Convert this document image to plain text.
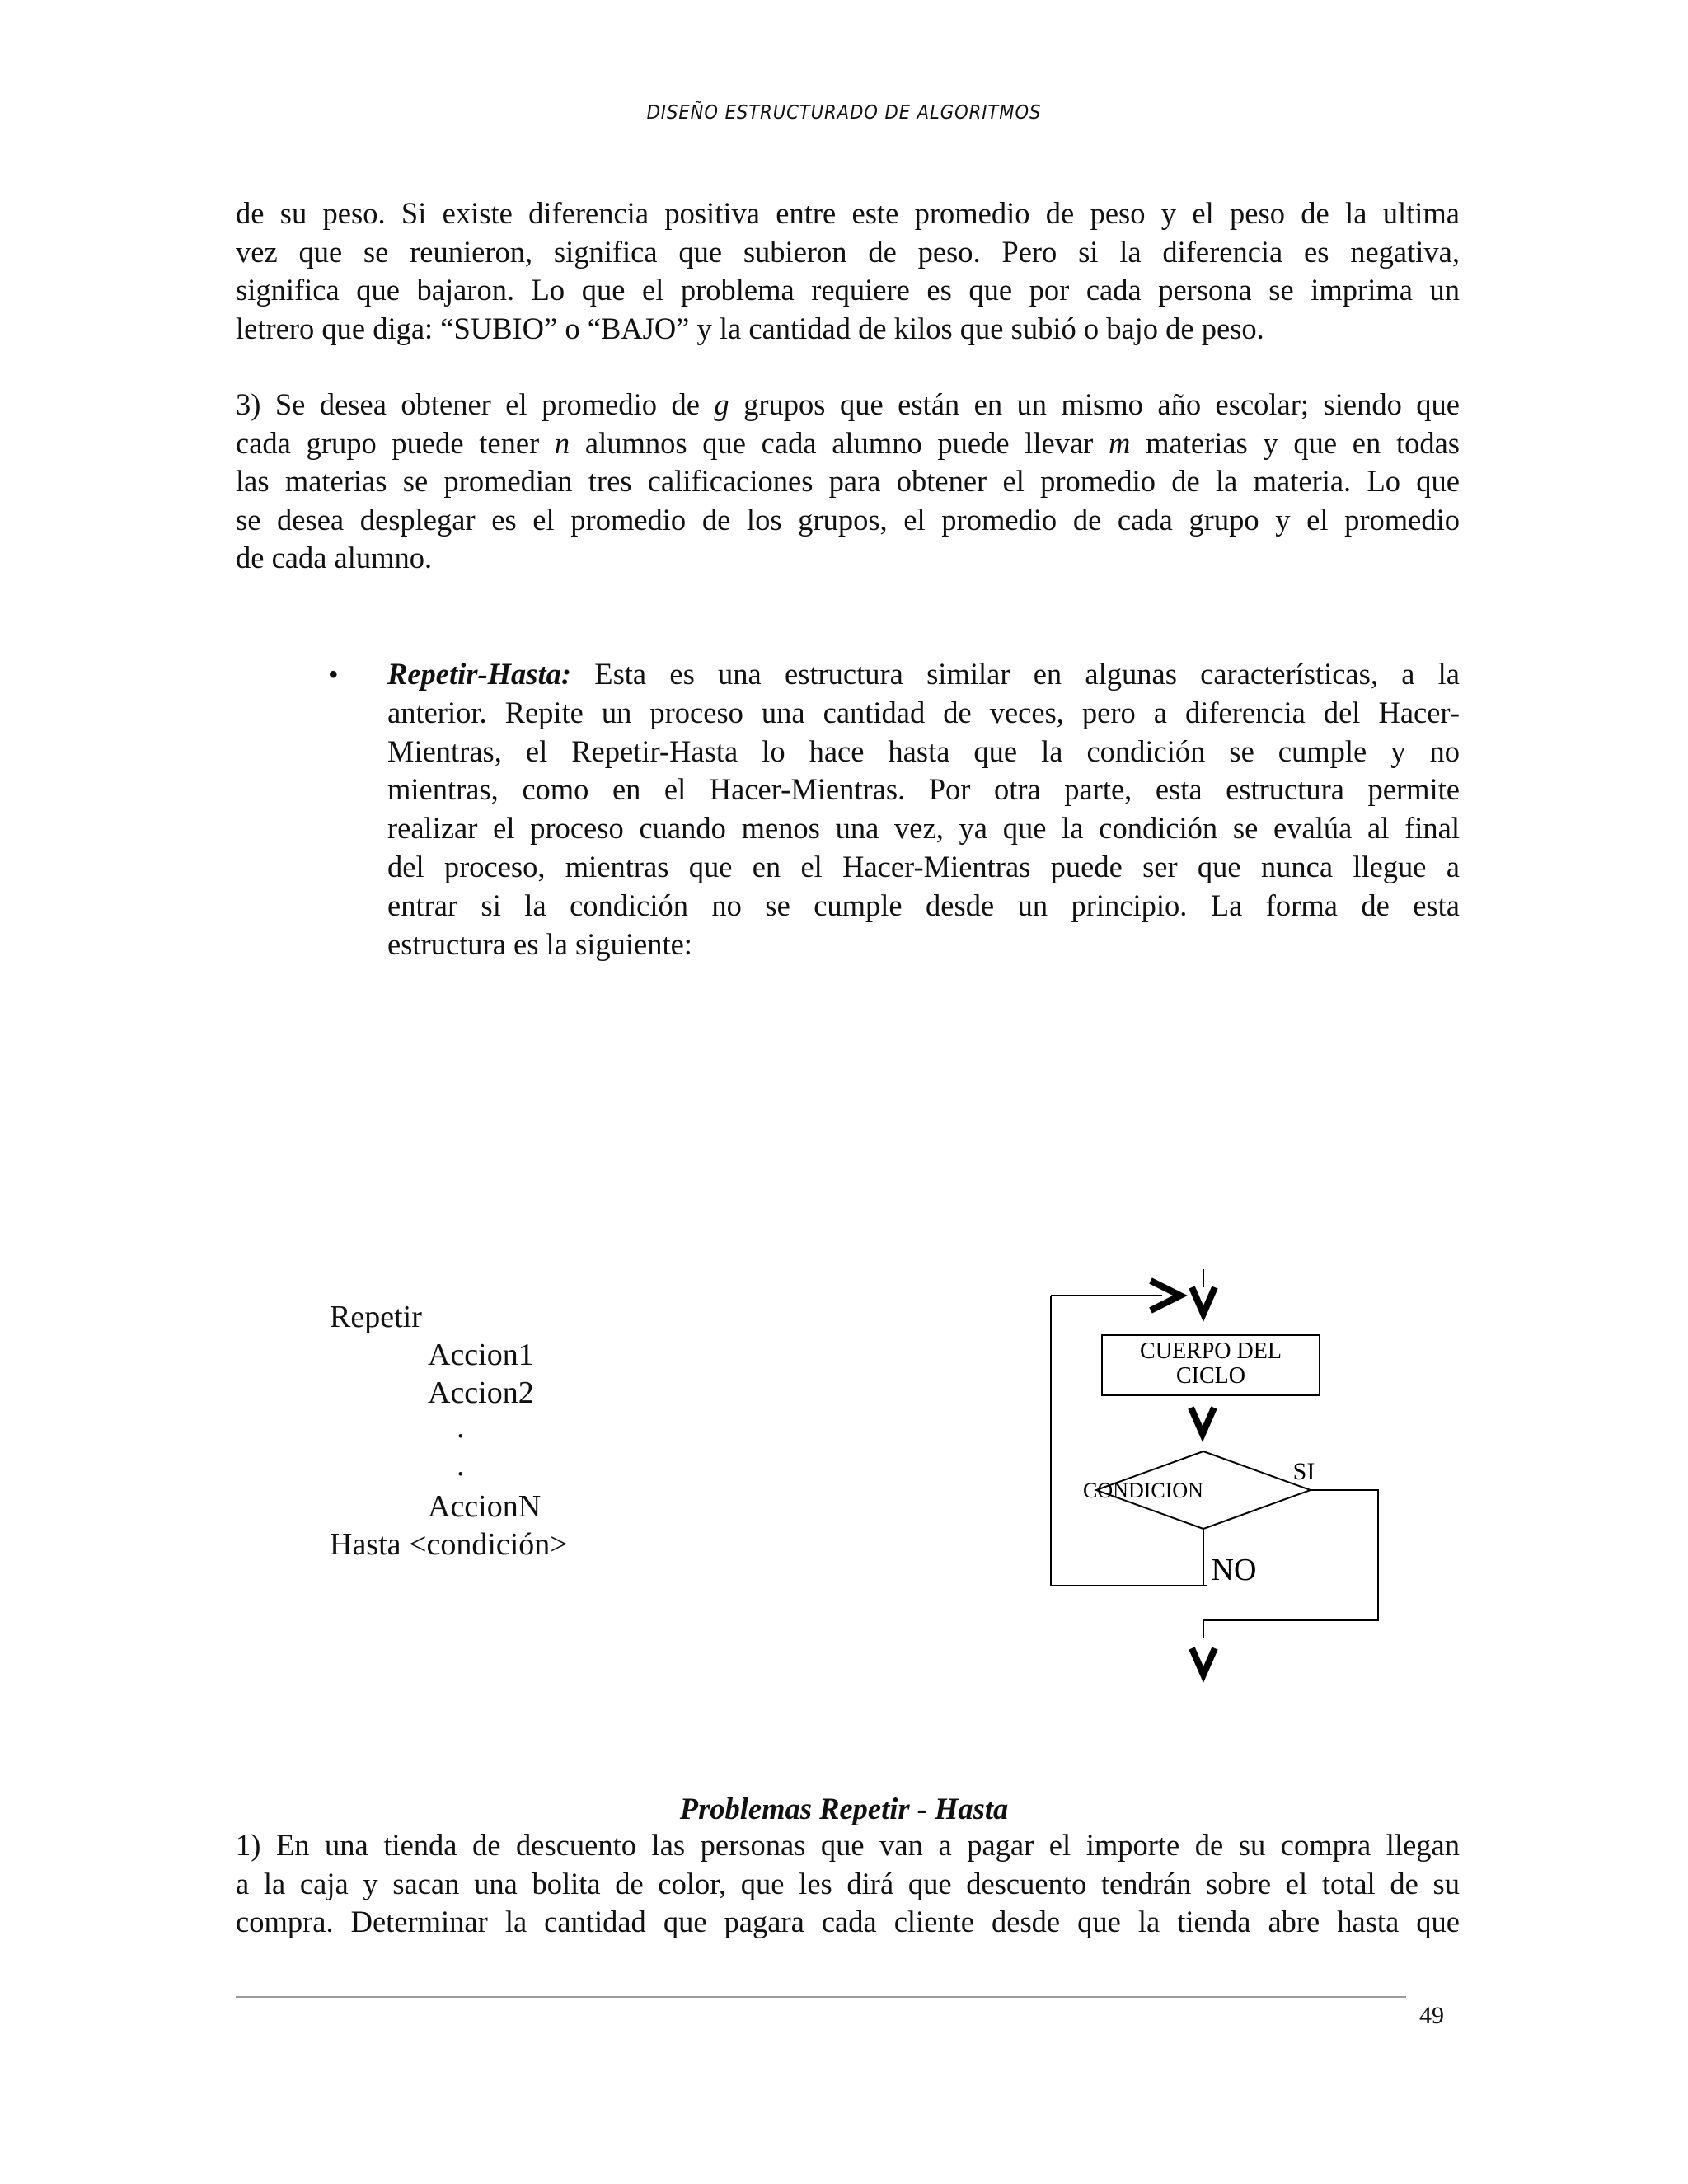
DISEÑO ESTRUCTURADO DE ALGORITMOS
de su peso. Si existe diferencia positiva entre este promedio de peso y el peso de la ultima
vez que se reunieron, significa que subieron de peso. Pero si la diferencia es negativa,
significa que bajaron. Lo que el problema requiere es que por cada persona se imprima un
letrero que diga: “SUBIO” o “BAJO” y la cantidad de kilos que subió o bajo de peso.
3) Se desea obtener el promedio de g grupos que están en un mismo año escolar; siendo que
cada grupo puede tener n alumnos que cada alumno puede llevar m materias y que en todas
las materias se promedian tres calificaciones para obtener el promedio de la materia. Lo que
se desea desplegar es el promedio de los grupos, el promedio de cada grupo y el promedio
de cada alumno.
• Repetir-Hasta: Esta es una estructura similar en algunas características, a la
anterior. Repite un proceso una cantidad de veces, pero a diferencia del Hacer-
Mientras, el Repetir-Hasta lo hace hasta que la condición se cumple y no
mientras, como en el Hacer-Mientras. Por otra parte, esta estructura permite
realizar el proceso cuando menos una vez, ya que la condición se evalúa al final
del proceso, mientras que en el Hacer-Mientras puede ser que nunca llegue a
entrar si la condición no se cumple desde un principio. La forma de esta
estructura es la siguiente:
Repetir
Accion1
Accion2
.
.
AccionN
Hasta <condición>
CUERPO DEL
CICLO
CONDICION
SI
NO
Problemas Repetir - Hasta
1) En una tienda de descuento las personas que van a pagar el importe de su compra llegan
a la caja y sacan una bolita de color, que les dirá que descuento tendrán sobre el total de su
compra. Determinar la cantidad que pagara cada cliente desde que la tienda abre hasta que
49
